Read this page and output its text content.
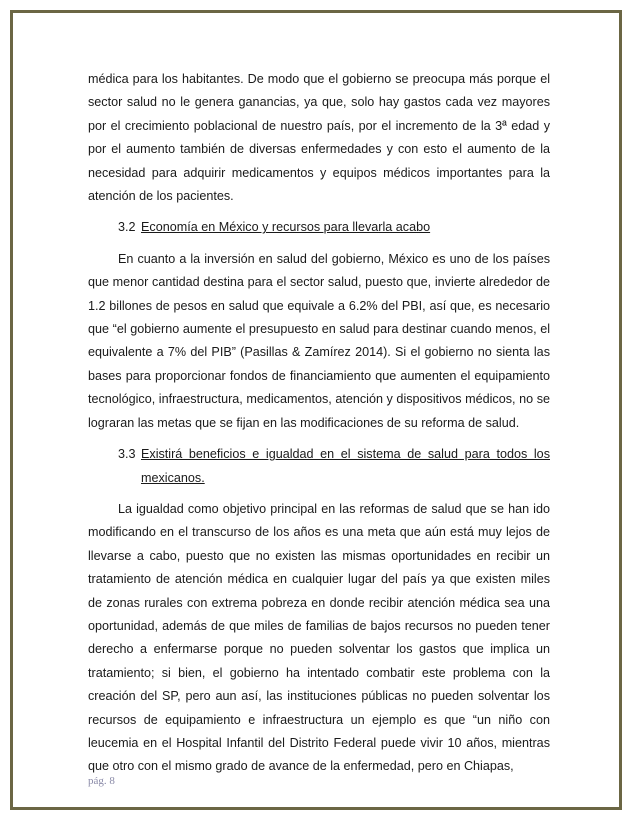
médica para los habitantes. De modo que el gobierno se preocupa más porque el sector salud no le genera ganancias, ya que, solo hay gastos cada vez mayores por el crecimiento poblacional de nuestro país, por el incremento de la 3ª edad y por el aumento también de diversas enfermedades y con esto el aumento de la necesidad para adquirir medicamentos y equipos médicos importantes para la atención de los pacientes.

3.2 Economía en México y recursos para llevarla acabo

En cuanto a la inversión en salud del gobierno, México es uno de los países que menor cantidad destina para el sector salud, puesto que, invierte alrededor de 1.2 billones de pesos en salud que equivale a 6.2% del PBI, así que, es necesario que “el gobierno aumente el presupuesto en salud para destinar cuando menos, el equivalente a 7% del PIB” (Pasillas & Zamírez 2014). Si el gobierno no sienta las bases para proporcionar fondos de financiamiento que aumenten el equipamiento tecnológico, infraestructura, medicamentos, atención y dispositivos médicos, no se lograran las metas que se fijan en las modificaciones de su reforma de salud.

3.3 Existirá beneficios e igualdad en el sistema de salud para todos los mexicanos.

La igualdad como objetivo principal en las reformas de salud que se han ido modificando en el transcurso de los años es una meta que aún está muy lejos de llevarse a cabo, puesto que no existen las mismas oportunidades en recibir un tratamiento de atención médica en cualquier lugar del país ya que existen miles de zonas rurales con extrema pobreza en donde recibir atención médica sea una oportunidad, además de que miles de familias de bajos recursos no pueden tener derecho a enfermarse porque no pueden solventar los gastos que implica un tratamiento; si bien, el gobierno ha intentado combatir este problema con la creación del SP, pero aun así, las instituciones públicas no pueden solventar los recursos de equipamiento e infraestructura un ejemplo es que “un niño con leucemia en el Hospital Infantil del Distrito Federal puede vivir 10 años, mientras que otro con el mismo grado de avance de la enfermedad, pero en Chiapas,

pág. 8
